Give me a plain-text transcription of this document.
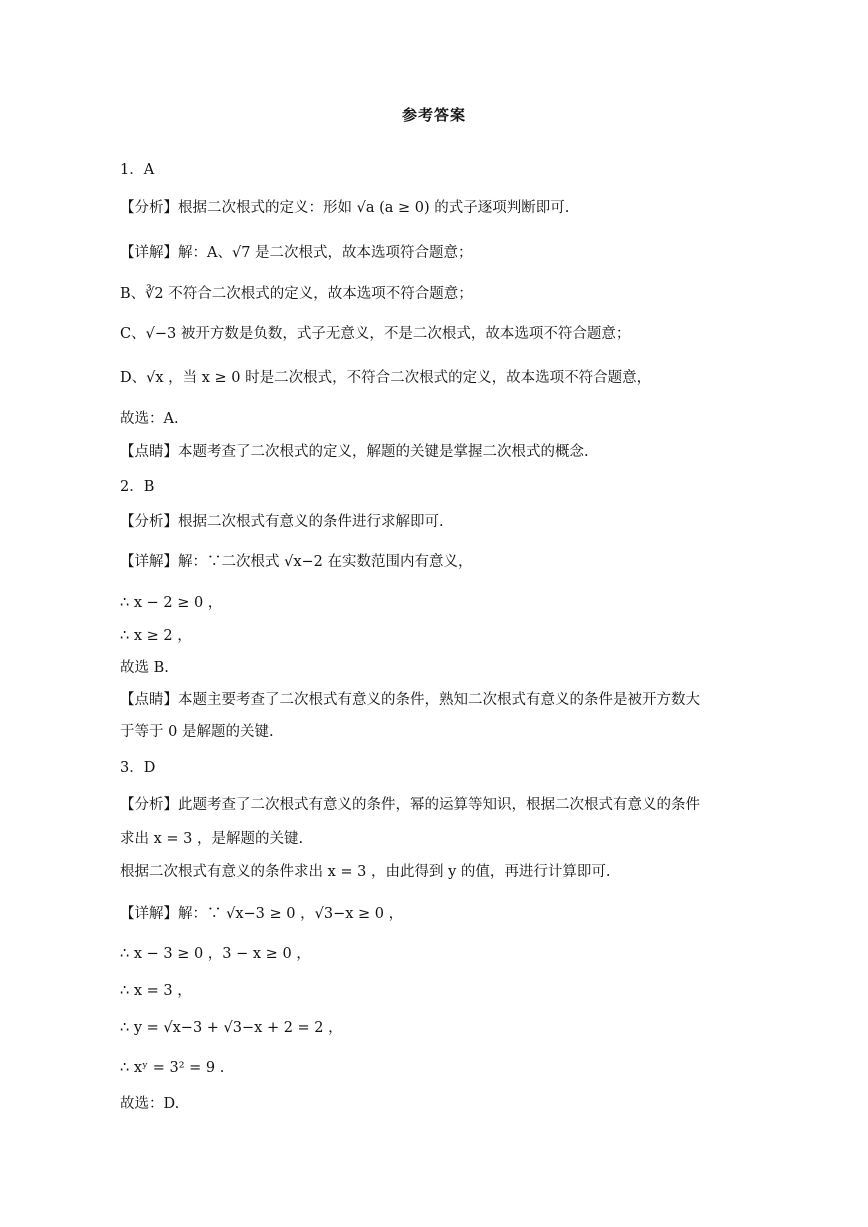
参考答案
1．A
【分析】根据二次根式的定义：形如 √a (a ≥ 0) 的式子逐项判断即可.
【详解】解：A、√7 是二次根式，故本选项符合题意；
B、∛2 不符合二次根式的定义，故本选项不符合题意；
C、√−3 被开方数是负数，式子无意义，不是二次根式，故本选项不符合题意；
D、√x ，当 x ≥ 0 时是二次根式，不符合二次根式的定义，故本选项不符合题意，
故选：A.
【点睛】本题考查了二次根式的定义，解题的关键是掌握二次根式的概念.
2．B
【分析】根据二次根式有意义的条件进行求解即可.
【详解】解：∵二次根式 √x−2 在实数范围内有意义，
∴ x − 2 ≥ 0 ，
∴ x ≥ 2 ，
故选 B.
【点睛】本题主要考查了二次根式有意义的条件，熟知二次根式有意义的条件是被开方数大
于等于 0 是解题的关键.
3．D
【分析】此题考查了二次根式有意义的条件，幂的运算等知识，根据二次根式有意义的条件
求出 x = 3 ，是解题的关键.
根据二次根式有意义的条件求出 x = 3 ，由此得到 y 的值，再进行计算即可.
【详解】解：∵ √x−3 ≥ 0 ，√3−x ≥ 0 ，
∴ x − 3 ≥ 0 ，3 − x ≥ 0 ，
∴ x = 3 ，
∴ y = √x−3 + √3−x + 2 = 2 ，
∴ xʸ = 3² = 9 .
故选：D.
